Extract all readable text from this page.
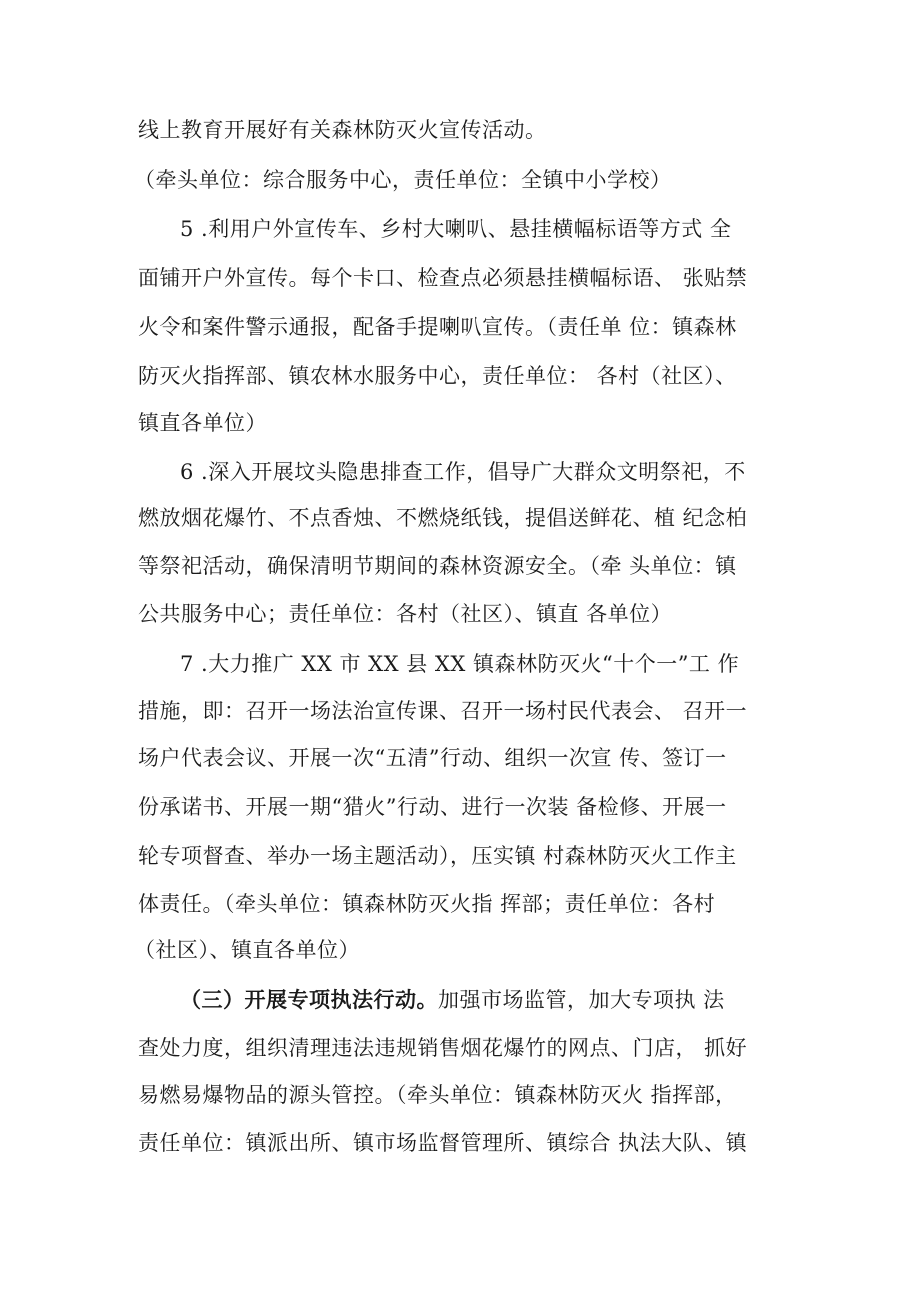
线上教育开展好有关森林防灭火宣传活动。
（牵头单位：综合服务中心，责任单位：全镇中小学校）
5 .利用户外宣传车、乡村大喇叭、悬挂横幅标语等方式 全
面铺开户外宣传。每个卡口、检查点必须悬挂横幅标语、 张贴禁
火令和案件警示通报，配备手提喇叭宣传。（责任单 位：镇森林
防灭火指挥部、镇农林水服务中心，责任单位： 各村（社区）、
镇直各单位）
6 .深入开展坟头隐患排查工作，倡导广大群众文明祭祀，不
燃放烟花爆竹、不点香烛、不燃烧纸钱，提倡送鲜花、植 纪念柏
等祭祀活动，确保清明节期间的森林资源安全。（牵 头单位：镇
公共服务中心；责任单位：各村（社区）、镇直 各单位）
7 .大力推广 XX 市 XX 县 XX 镇森林防灭火“十个一”工 作
措施，即：召开一场法治宣传课、召开一场村民代表会、 召开一
场户代表会议、开展一次“五清”行动、组织一次宣 传、签订一
份承诺书、开展一期“猎火”行动、进行一次装 备检修、开展一
轮专项督查、举办一场主题活动），压实镇 村森林防灭火工作主
体责任。（牵头单位：镇森林防灭火指 挥部；责任单位：各村
（社区）、镇直各单位）
（三）开展专项执法行动。加强市场监管，加大专项执 法
查处力度，组织清理违法违规销售烟花爆竹的网点、门店， 抓好
易燃易爆物品的源头管控。（牵头单位：镇森林防灭火 指挥部，
责任单位：镇派出所、镇市场监督管理所、镇综合 执法大队、镇
